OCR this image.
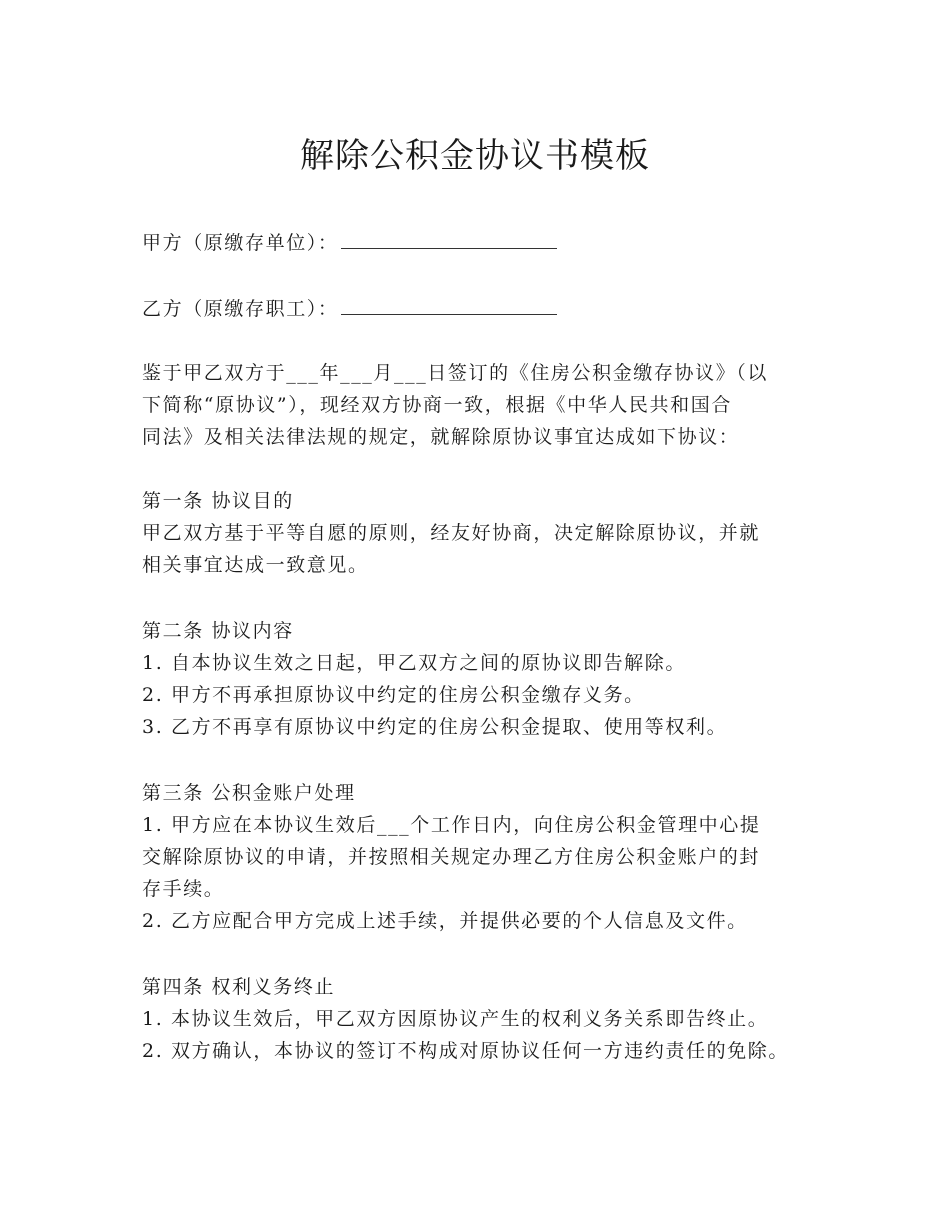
解除公积金协议书模板
甲方（原缴存单位）：
乙方（原缴存职工）：
鉴于甲乙双方于___年___月___日签订的《住房公积金缴存协议》（以
下简称“原协议”），现经双方协商一致，根据《中华人民共和国合
同法》及相关法律法规的规定，就解除原协议事宜达成如下协议：
第一条 协议目的
甲乙双方基于平等自愿的原则，经友好协商，决定解除原协议，并就
相关事宜达成一致意见。
第二条 协议内容
1. 自本协议生效之日起，甲乙双方之间的原协议即告解除。
2. 甲方不再承担原协议中约定的住房公积金缴存义务。
3. 乙方不再享有原协议中约定的住房公积金提取、使用等权利。
第三条 公积金账户处理
1. 甲方应在本协议生效后___个工作日内，向住房公积金管理中心提
交解除原协议的申请，并按照相关规定办理乙方住房公积金账户的封
存手续。
2. 乙方应配合甲方完成上述手续，并提供必要的个人信息及文件。
第四条 权利义务终止
1. 本协议生效后，甲乙双方因原协议产生的权利义务关系即告终止。
2. 双方确认，本协议的签订不构成对原协议任何一方违约责任的免除。
